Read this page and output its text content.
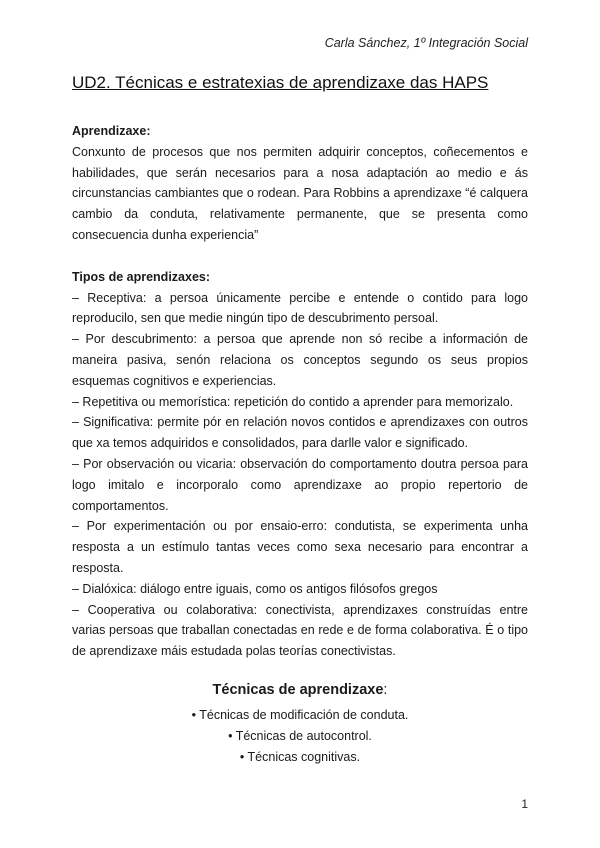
Carla Sánchez, 1º Integración Social
UD2. Técnicas e estratexias de aprendizaxe das HAPS
Aprendizaxe:
Conxunto de procesos que nos permiten adquirir conceptos, coñecementos e habilidades, que serán necesarios para a nosa adaptación ao medio e ás circunstancias cambiantes que o rodean. Para Robbins a aprendizaxe “é calquera cambio da conduta, relativamente permanente, que se presenta como consecuencia dunha experiencia”
Tipos de aprendizaxes:
– Receptiva: a persoa únicamente percibe e entende o contido para logo reproducilo, sen que medie ningún tipo de descubrimento persoal.
– Por descubrimento: a persoa que aprende non só recibe a información de maneira pasiva, senón relaciona os conceptos segundo os seus propios esquemas cognitivos e experiencias.
– Repetitiva ou memorística: repetición do contido a aprender para memorizalo.
– Significativa: permite pór en relación novos contidos e aprendizaxes con outros que xa temos adquiridos e consolidados, para darlle valor e significado.
– Por observación ou vicaria: observación do comportamento doutra persoa para logo imitalo e incorporalo como aprendizaxe ao propio repertorio de comportamentos.
– Por experimentación ou por ensaio-erro: condutista, se experimenta unha resposta a un estímulo tantas veces como sexa necesario para encontrar a resposta.
– Dialóxica: diálogo entre iguais, como os antigos filósofos gregos
– Cooperativa ou colaborativa: conectivista, aprendizaxes construídas entre varias persoas que traballan conectadas en rede e de forma colaborativa. É o tipo de aprendizaxe máis estudada polas teorías conectivistas.
Técnicas de aprendizaxe:
• Técnicas de modificación de conduta.
• Técnicas de autocontrol.
• Técnicas cognitivas.
1
